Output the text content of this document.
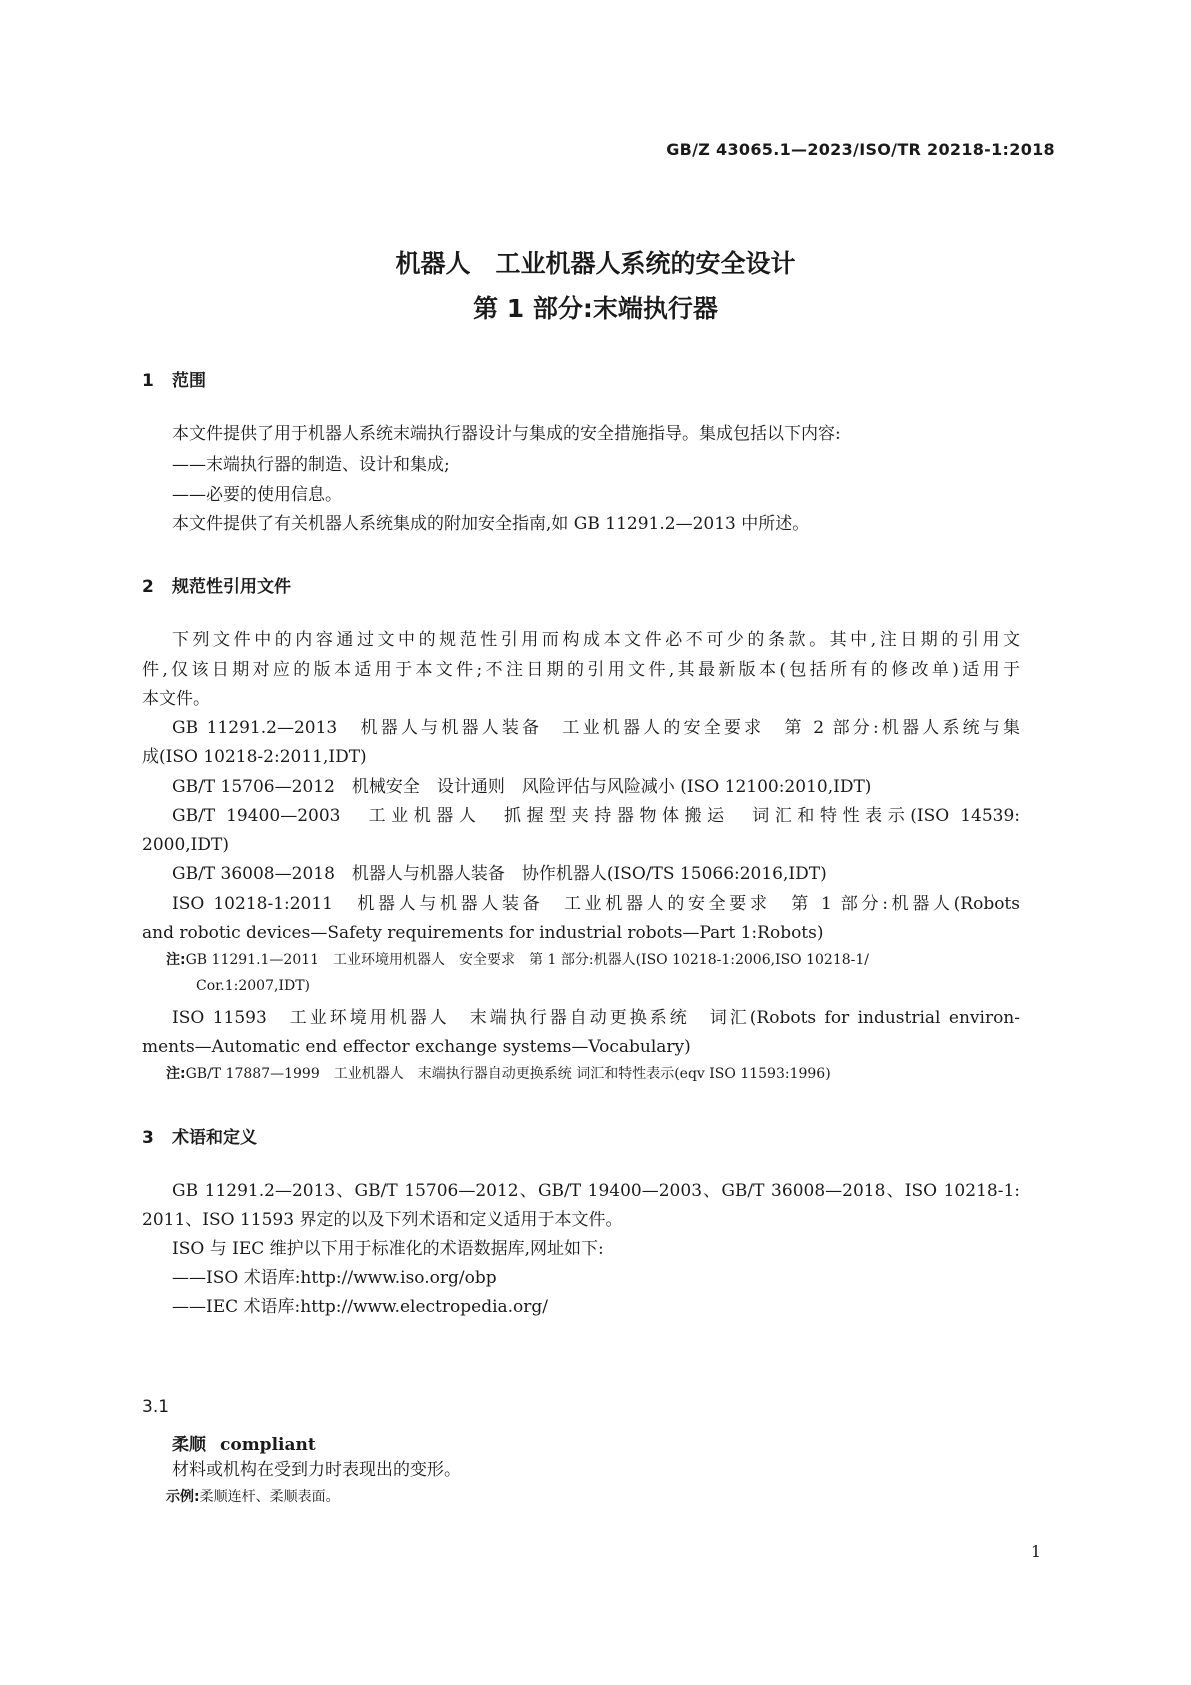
GB/Z 43065.1—2023/ISO/TR 20218-1:2018
机器人　工业机器人系统的安全设计
第 1 部分:末端执行器
1 范围
本文件提供了用于机器人系统末端执行器设计与集成的安全措施指导。集成包括以下内容:
——末端执行器的制造、设计和集成;
——必要的使用信息。
本文件提供了有关机器人系统集成的附加安全指南,如 GB 11291.2—2013 中所述。
2 规范性引用文件
下列文件中的内容通过文中的规范性引用而构成本文件必不可少的条款。其中,注日期的引用文
件,仅该日期对应的版本适用于本文件;不注日期的引用文件,其最新版本(包括所有的修改单)适用于
本文件。
GB 11291.2—2013　机器人与机器人装备　工业机器人的安全要求　第 2 部分:机器人系统与集
成(ISO 10218-2:2011,IDT)
GB/T 15706—2012　机械安全　设计通则　风险评估与风险减小 (ISO 12100:2010,IDT)
GB/T 19400—2003　工业机器人　抓握型夹持器物体搬运　词汇和特性表示(ISO 14539:
2000,IDT)
GB/T 36008—2018　机器人与机器人装备　协作机器人(ISO/TS 15066:2016,IDT)
ISO 10218-1:2011　机器人与机器人装备　工业机器人的安全要求　第 1 部分:机器人(Robots
and robotic devices—Safety requirements for industrial robots—Part 1:Robots)
注:GB 11291.1—2011　工业环境用机器人　安全要求　第 1 部分:机器人(ISO 10218-1:2006,ISO 10218-1/
Cor.1:2007,IDT)
ISO 11593　工业环境用机器人　末端执行器自动更换系统　词汇(Robots for industrial environ-
ments—Automatic end effector exchange systems—Vocabulary)
注:GB/T 17887—1999　工业机器人　末端执行器自动更换系统 词汇和特性表示(eqv ISO 11593:1996)
3 术语和定义
GB 11291.2—2013、GB/T 15706—2012、GB/T 19400—2003、GB/T 36008—2018、ISO 10218-1:
2011、ISO 11593 界定的以及下列术语和定义适用于本文件。
ISO 与 IEC 维护以下用于标准化的术语数据库,网址如下:
——ISO 术语库:http://www.iso.org/obp
——IEC 术语库:http://www.electropedia.org/
3.1
柔顺 compliant
材料或机构在受到力时表现出的变形。
示例:柔顺连杆、柔顺表面。
1
